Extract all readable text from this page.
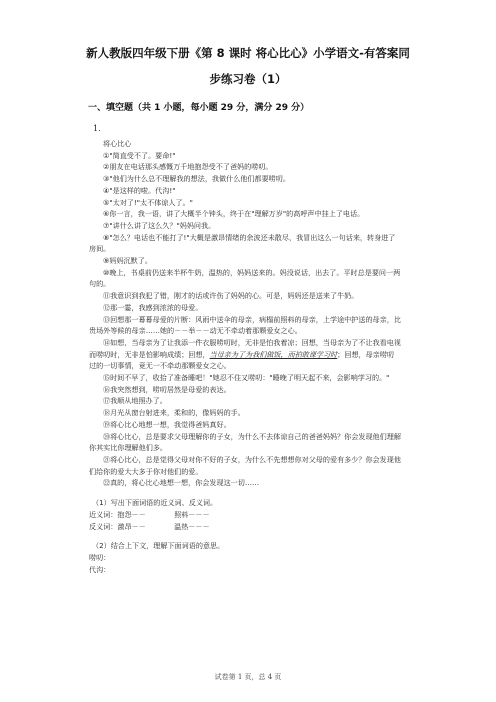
新人教版四年级下册《第 8 课时 将心比心》小学语文-有答案同
步练习卷（1）
一、填空题（共 1 小题，每小题 29 分，满分 29 分）
1.

将心比心

①"简直受不了。要命!"

②朋友在电话那头感慨万千地抱怨受不了爸妈的唠叨。

③"他们为什么总不理解我的想法，我做什么他们都要唠叨。

④"是这样的啦。代沟!"

⑤"太对了!"太不体谅人了。"

⑥你一言，我一语，讲了大概半个钟头，终于在"理解万岁"的高呼声中挂上了电话。

⑦"讲什么讲了这么久？"妈妈问我。

⑧"怎么？电话也不能打了!"大概是激昂情绪的余波还未散尽，我冒出这么一句话来，转身进了房间。

⑨妈妈沉默了。

⑩晚上，书桌前仍送来半杯牛奶，温热的，妈妈送来的。妈没说话，出去了。平时总是要问一两句的。

⑪我意识到我犯了错，刚才的话或许伤了妈妈的心。可是，妈妈还是送来了牛奶。

⑫那一霎，我感到浓浓的母爱。

⑬回想那一幕幕母爱的片断：风雨中送伞的母亲，病榻前照料的母亲，上学途中护送的母亲，比贵场外等候的母亲……她的－－举－－动无不牵动着那颗爱女之心。

⑭如想，当母亲为了让我添一件衣服唠叨时，无非是怕我着凉；回想，当母亲为了不让我看电视而唠叨时，无非是怕影响成绩；回想，当母亲为了为我们做饭，而拍敢课学习时；回想，母亲唠叨过的一切事情，竟无一不牵动那颗爱女之心。

⑮时间不早了，收拾了准备睡吧！"她忍不住又唠叨："睡晚了明天起不来，会影响学习的。"

⑯我突然想到，唠叨居然是母爱的表达。

⑰我顺从地照办了。

⑱月光从窗台射进来，柔和的，像妈妈的手。

⑲将心比心地想一想，我觉得爸妈真好。

⑳将心比心，总是要求父母理解你的子女，为什么不去体谅自己的爸爸妈妈？你会发现他们理解你其实比你理解他们多。

㉑将心比心，总是觉得父母对你不好的子女，为什么不先想想你对父母的爱有多少？你会发现他们给你的爱大大多于你对他们的爱。

㉒真的，将心比心地想一想，你会发现这一切……

（1）写出下面词语的近义词、反义词。

近义词：抱怨－－　　　　照料－－－

反义词：激昂－－　　　　温热－－－

（2）结合上下文，理解下面词语的意思。

唠叨：

代沟：

试卷第 1 页，总 4 页
